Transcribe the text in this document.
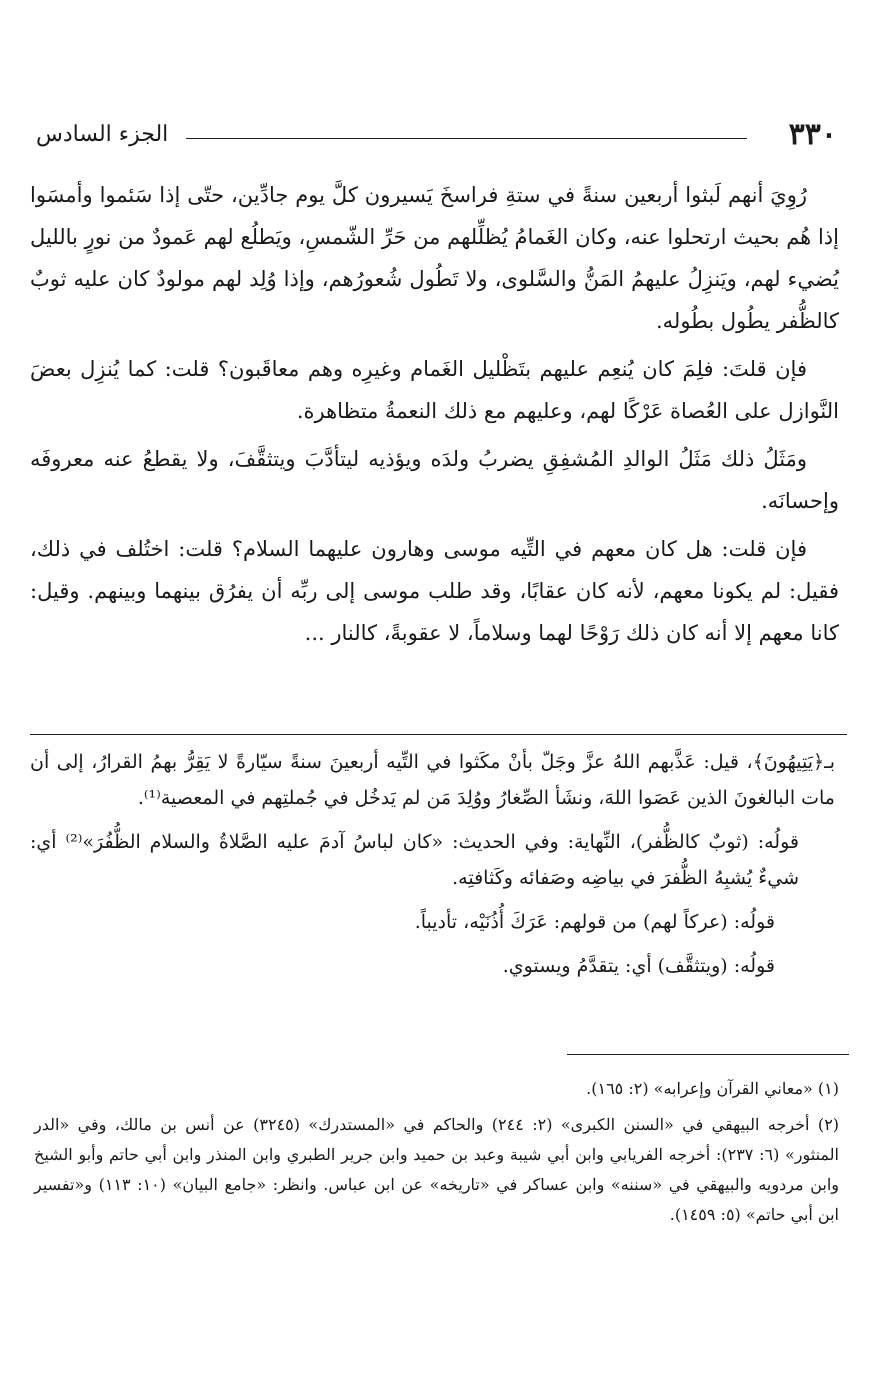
٣٣٠
الجزء السادس

رُوِيَ أنهم لَبثوا أربعين سنةً في ستةِ فراسخَ يَسيرون كلَّ يوم جادِّين، حتّى إذا سَئموا وأمسَوا إذا هُم بحيث ارتحلوا عنه، وكان الغَمامُ يُظلِّلهم من حَرِّ الشّمسِ، ويَطلُع لهم عَمودٌ من نورٍ بالليل يُضيء لهم، ويَنزِلُ عليهمُ المَنُّ والسَّلوى، ولا تَطُول شُعورُهم، وإذا وُلِد لهم مولودٌ كان عليه ثوبٌ كالظُّفر يطُول بطُوله.

فإن قلتَ: فلِمَ كان يُنعِم عليهم بتَظْليل الغَمام وغيرِه وهم معاقَبون؟ قلت: كما يُنزِل بعضَ النَّوازل على العُصاة عَرْكًا لهم، وعليهم مع ذلك النعمةُ متظاهرة.

ومَثَلُ ذلك مَثَلُ الوالدِ المُشفِقِ يضربُ ولدَه ويؤذيه ليتأدَّبَ ويتثقَّفَ، ولا يقطعُ عنه معروفَه وإحسانَه.

فإن قلت: هل كان معهم في التِّيه موسى وهارون عليهما السلام؟ قلت: اختُلف في ذلك، فقيل: لم يكونا معهم، لأنه كان عقابًا، وقد طلب موسى إلى ربِّه أن يفرُق بينهما وبينهم. وقيل: كانا معهم إلا أنه كان ذلك رَوْحًا لهما وسلاماً، لا عقوبةً، كالنار ...

بـ﴿يَتِيهُونَ﴾، قيل: عَذَّبهم اللهُ عزَّ وجَلّ بأنْ مكَثوا في التِّيه أربعينَ سنةً سيّارةً لا يَقِرُّ بهمُ القرارُ، إلى أن مات البالغونَ الذين عَصَوا اللهَ، ونشَأ الصِّغارُ ووُلِدَ مَن لم يَدخُل في جُملتِهم في المعصية⁽¹⁾.

قولُه: (ثوبٌ كالظُّفر)، النِّهاية: وفي الحديث: «كان لباسُ آدمَ عليه الصَّلاةُ والسلام الظُّفُرَ»⁽²⁾ أي: شيءٌ يُشبِهُ الظُّفرَ في بياضِه وصَفائه وكَثافتِه.

قولُه: (عركاً لهم) من قولهم: عَرَكَ أُذُنَيْه، تأديباً.

قولُه: (ويتثقَّف) أي: يتقدَّمُ ويستوي.

(١) «معاني القرآن وإعرابه» (٢: ١٦٥).

(٢) أخرجه البيهقي في «السنن الكبرى» (٢: ٢٤٤) والحاكم في «المستدرك» (٣٢٤٥) عن أنس بن مالك، وفي «الدر المنثور» (٦: ٢٣٧): أخرجه الفريابي وابن أبي شيبة وعبد بن حميد وابن جرير الطبري وابن المنذر وابن أبي حاتم وأبو الشيخ وابن مردويه والبيهقي في «سننه» وابن عساكر في «تاريخه» عن ابن عباس. وانظر: «جامع البيان» (١٠: ١١٣) و«تفسير ابن أبي حاتم» (٥: ١٤٥٩).
